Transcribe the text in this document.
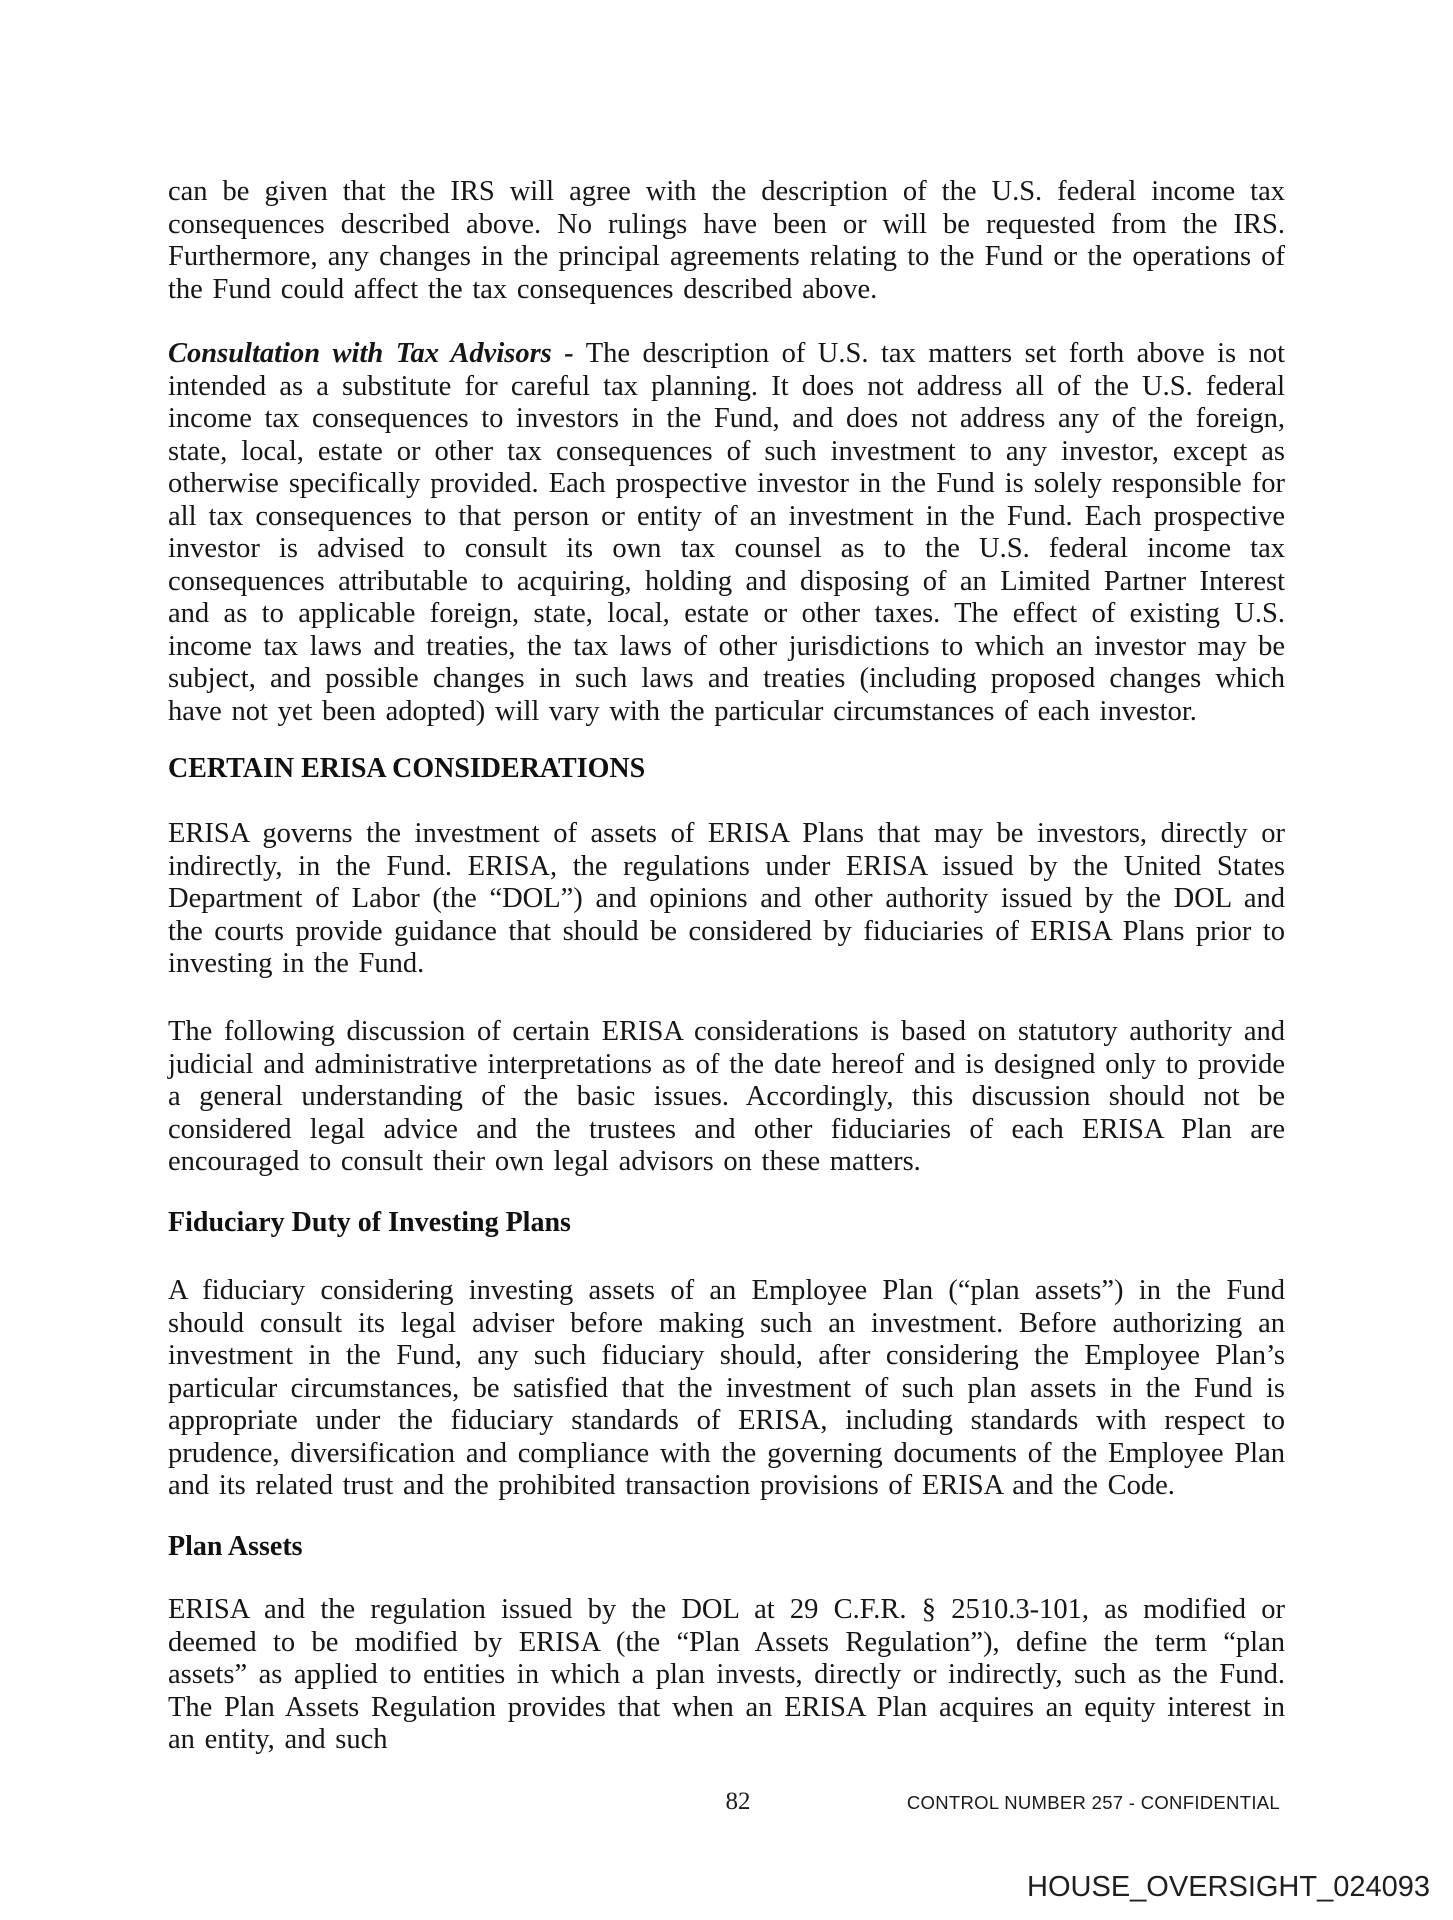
can be given that the IRS will agree with the description of the U.S. federal income tax consequences described above. No rulings have been or will be requested from the IRS. Furthermore, any changes in the principal agreements relating to the Fund or the operations of the Fund could affect the tax consequences described above.

Consultation with Tax Advisors - The description of U.S. tax matters set forth above is not intended as a substitute for careful tax planning. It does not address all of the U.S. federal income tax consequences to investors in the Fund, and does not address any of the foreign, state, local, estate or other tax consequences of such investment to any investor, except as otherwise specifically provided. Each prospective investor in the Fund is solely responsible for all tax consequences to that person or entity of an investment in the Fund. Each prospective investor is advised to consult its own tax counsel as to the U.S. federal income tax consequences attributable to acquiring, holding and disposing of an Limited Partner Interest and as to applicable foreign, state, local, estate or other taxes. The effect of existing U.S. income tax laws and treaties, the tax laws of other jurisdictions to which an investor may be subject, and possible changes in such laws and treaties (including proposed changes which have not yet been adopted) will vary with the particular circumstances of each investor.

CERTAIN ERISA CONSIDERATIONS

ERISA governs the investment of assets of ERISA Plans that may be investors, directly or indirectly, in the Fund. ERISA, the regulations under ERISA issued by the United States Department of Labor (the “DOL”) and opinions and other authority issued by the DOL and the courts provide guidance that should be considered by fiduciaries of ERISA Plans prior to investing in the Fund.

The following discussion of certain ERISA considerations is based on statutory authority and judicial and administrative interpretations as of the date hereof and is designed only to provide a general understanding of the basic issues. Accordingly, this discussion should not be considered legal advice and the trustees and other fiduciaries of each ERISA Plan are encouraged to consult their own legal advisors on these matters.

Fiduciary Duty of Investing Plans

A fiduciary considering investing assets of an Employee Plan (“plan assets”) in the Fund should consult its legal adviser before making such an investment. Before authorizing an investment in the Fund, any such fiduciary should, after considering the Employee Plan’s particular circumstances, be satisfied that the investment of such plan assets in the Fund is appropriate under the fiduciary standards of ERISA, including standards with respect to prudence, diversification and compliance with the governing documents of the Employee Plan and its related trust and the prohibited transaction provisions of ERISA and the Code.

Plan Assets

ERISA and the regulation issued by the DOL at 29 C.F.R. § 2510.3-101, as modified or deemed to be modified by ERISA (the “Plan Assets Regulation”), define the term “plan assets” as applied to entities in which a plan invests, directly or indirectly, such as the Fund. The Plan Assets Regulation provides that when an ERISA Plan acquires an equity interest in an entity, and such

82	CONTROL NUMBER 257 - CONFIDENTIAL
HOUSE_OVERSIGHT_024093
